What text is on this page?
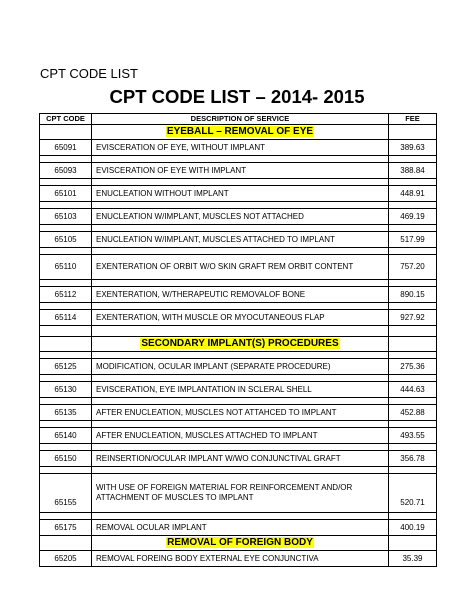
CPT CODE LIST
CPT CODE LIST – 2014- 2015
CPT CODE	DESCRIPTION OF SERVICE	FEE
	EYEBALL – REMOVAL OF EYE	
65091	EVISCERATION OF EYE, WITHOUT IMPLANT	389.63

65093	EVISCERATION OF EYE WITH IMPLANT	388.84

65101	ENUCLEATION WITHOUT IMPLANT	448.91

65103	ENUCLEATION W/IMPLANT, MUSCLES NOT ATTACHED	469.19

65105	ENUCLEATION W/IMPLANT, MUSCLES ATTACHED TO IMPLANT	517.99

65110	EXENTERATION OF ORBIT W/O SKIN GRAFT REM ORBIT CONTENT	757.20

65112	EXENTERATION, W/THERAPEUTIC REMOVALOF BONE	890.15

65114	EXENTERATION, WITH MUSCLE OR MYOCUTANEOUS FLAP	927.92

	SECONDARY IMPLANT(S) PROCEDURES	

65125	MODIFICATION, OCULAR IMPLANT (SEPARATE PROCEDURE)	275.36

65130	EVISCERATION, EYE IMPLANTATION IN SCLERAL SHELL	444.63

65135	AFTER ENUCLEATION, MUSCLES NOT ATTAHCED TO IMPLANT	452.88

65140	AFTER ENUCLEATION, MUSCLES ATTACHED TO IMPLANT	493.55

65150	REINSERTION/OCULAR IMPLANT W/WO CONJUNCTIVAL GRAFT	356.78

65155	WITH USE OF FOREIGN MATERIAL FOR REINFORCEMENT AND/OR ATTACHMENT OF MUSCLES TO IMPLANT	520.71

65175	REMOVAL OCULAR IMPLANT	400.19
	REMOVAL OF FOREIGN BODY	
65205	REMOVAL FOREING BODY EXTERNAL EYE CONJUNCTIVA	35.39
